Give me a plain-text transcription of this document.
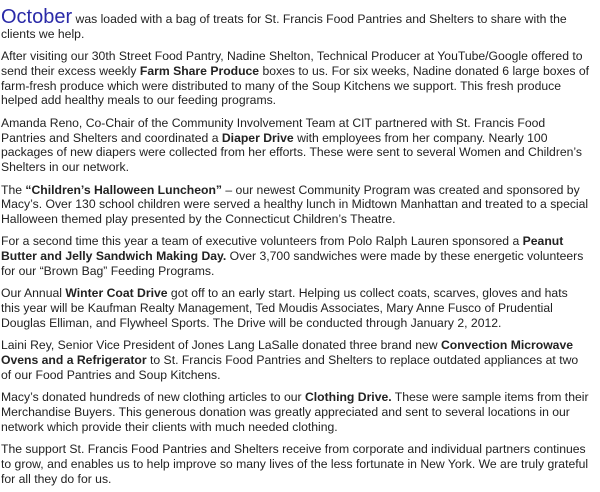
October was loaded with a bag of treats for St. Francis Food Pantries and Shelters to share with the clients we help.

After visiting our 30th Street Food Pantry, Nadine Shelton, Technical Producer at YouTube/Google offered to send their excess weekly Farm Share Produce boxes to us. For six weeks, Nadine donated 6 large boxes of farm-fresh produce which were distributed to many of the Soup Kitchens we support. This fresh produce helped add healthy meals to our feeding programs.

Amanda Reno, Co-Chair of the Community Involvement Team at CIT partnered with St. Francis Food Pantries and Shelters and coordinated a Diaper Drive with employees from her company. Nearly 100 packages of new diapers were collected from her efforts. These were sent to several Women and Children’s Shelters in our network.

The “Children’s Halloween Luncheon” – our newest Community Program was created and sponsored by Macy’s. Over 130 school children were served a healthy lunch in Midtown Manhattan and treated to a special Halloween themed play presented by the Connecticut Children’s Theatre.

For a second time this year a team of executive volunteers from Polo Ralph Lauren sponsored a Peanut Butter and Jelly Sandwich Making Day. Over 3,700 sandwiches were made by these energetic volunteers for our “Brown Bag” Feeding Programs.

Our Annual Winter Coat Drive got off to an early start. Helping us collect coats, scarves, gloves and hats this year will be Kaufman Realty Management, Ted Moudis Associates, Mary Anne Fusco of Prudential Douglas Elliman, and Flywheel Sports. The Drive will be conducted through January 2, 2012.

Laini Rey, Senior Vice President of Jones Lang LaSalle donated three brand new Convection Microwave Ovens and a Refrigerator to St. Francis Food Pantries and Shelters to replace outdated appliances at two of our Food Pantries and Soup Kitchens.

Macy’s donated hundreds of new clothing articles to our Clothing Drive. These were sample items from their Merchandise Buyers. This generous donation was greatly appreciated and sent to several locations in our network which provide their clients with much needed clothing.

The support St. Francis Food Pantries and Shelters receive from corporate and individual partners continues to grow, and enables us to help improve so many lives of the less fortunate in New York. We are truly grateful for all they do for us.
